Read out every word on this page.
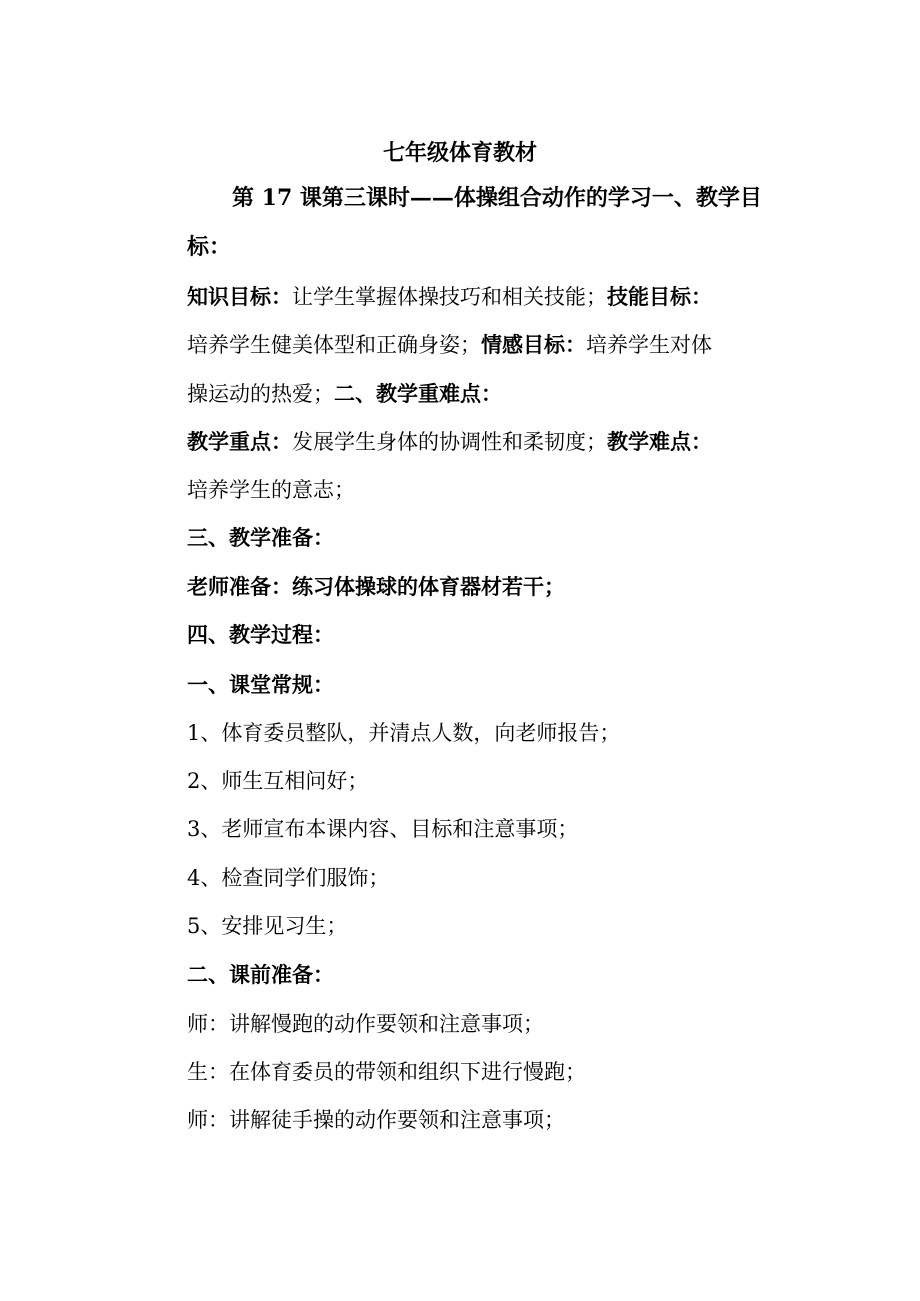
七年级体育教材
第 17 课第三课时——体操组合动作的学习一、教学目
标：
知识目标：让学生掌握体操技巧和相关技能；技能目标：
培养学生健美体型和正确身姿；情感目标：培养学生对体
操运动的热爱；二、教学重难点：
教学重点：发展学生身体的协调性和柔韧度；教学难点：
培养学生的意志；
三、教学准备：
老师准备：练习体操球的体育器材若干；
四、教学过程：
一、课堂常规：
1、体育委员整队，并清点人数，向老师报告；
2、师生互相问好；
3、老师宣布本课内容、目标和注意事项；
4、检查同学们服饰；
5、安排见习生；
二、课前准备：
师：讲解慢跑的动作要领和注意事项；
生：在体育委员的带领和组织下进行慢跑；
师：讲解徒手操的动作要领和注意事项；
